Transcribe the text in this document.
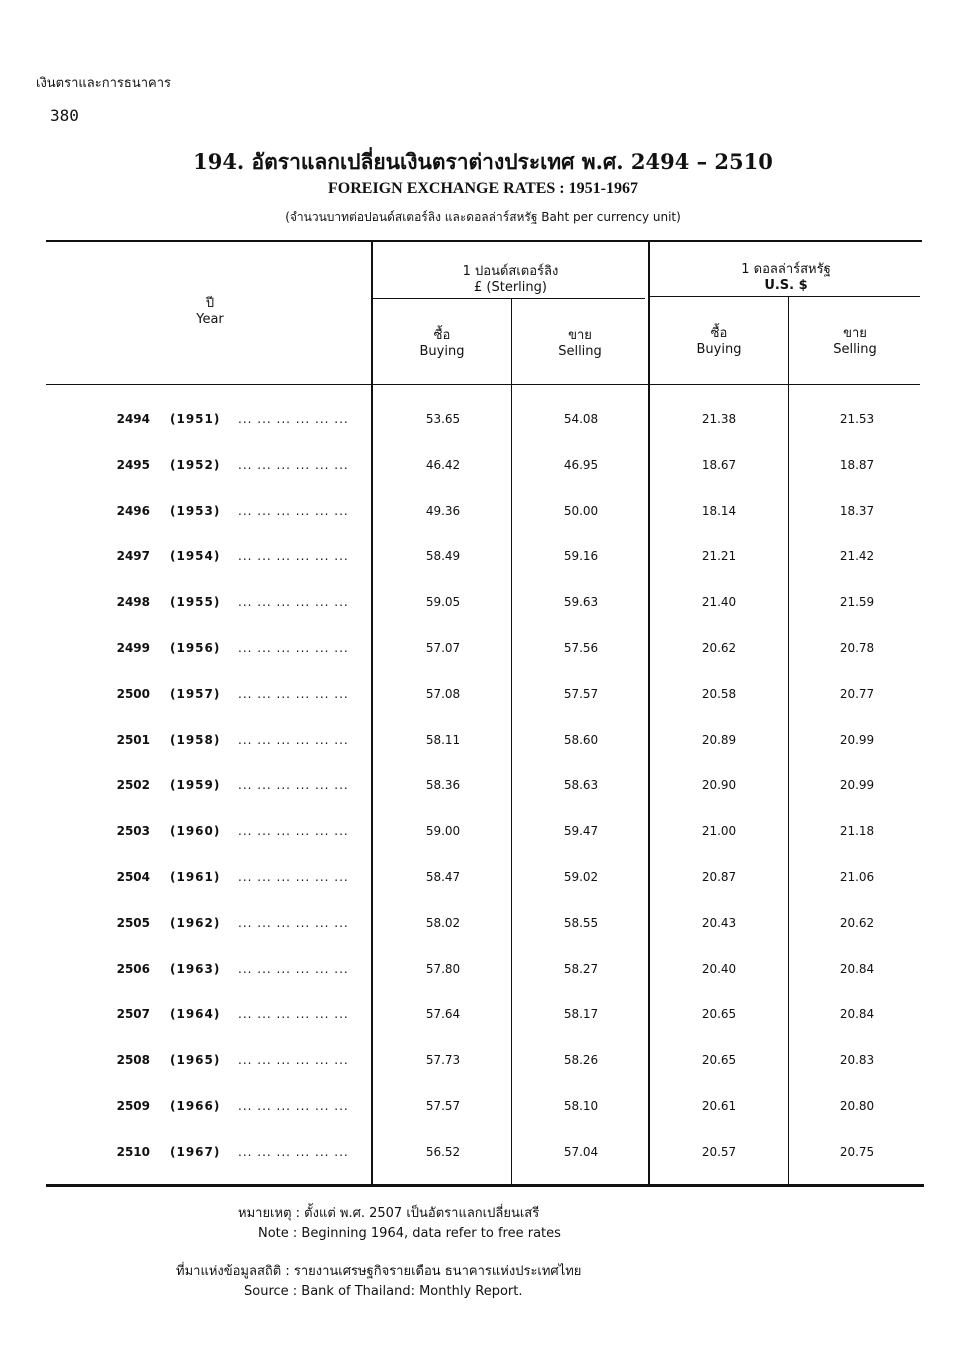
เงินตราและการธนาคาร
380
194. อัตราแลกเปลี่ยนเงินตราต่างประเทศ พ.ศ. 2494 – 2510
FOREIGN EXCHANGE RATES : 1951-1967
(จำนวนบาทต่อปอนด์สเตอร์ลิง และดอลล่าร์สหรัฐ Baht per currency unit)
ปี
Year
1 ปอนด์สเตอร์ลิง
£ (Sterling)
1 ดอลล่าร์สหรัฐ
U.S. $
ซื้อ
Buying
ขาย
Selling
ซื้อ
Buying
ขาย
Selling
2494 (1951)	... ... ... ... ... ...	53.65	54.08	21.38	21.53
2495 (1952)	... ... ... ... ... ...	46.42	46.95	18.67	18.87
2496 (1953)	... ... ... ... ... ...	49.36	50.00	18.14	18.37
2497 (1954)	... ... ... ... ... ...	58.49	59.16	21.21	21.42
2498 (1955)	... ... ... ... ... ...	59.05	59.63	21.40	21.59
2499 (1956)	... ... ... ... ... ...	57.07	57.56	20.62	20.78
2500 (1957)	... ... ... ... ... ...	57.08	57.57	20.58	20.77
2501 (1958)	... ... ... ... ... ...	58.11	58.60	20.89	20.99
2502 (1959)	... ... ... ... ... ...	58.36	58.63	20.90	20.99
2503 (1960)	... ... ... ... ... ...	59.00	59.47	21.00	21.18
2504 (1961)	... ... ... ... ... ...	58.47	59.02	20.87	21.06
2505 (1962)	... ... ... ... ... ...	58.02	58.55	20.43	20.62
2506 (1963)	... ... ... ... ... ...	57.80	58.27	20.40	20.84
2507 (1964)	... ... ... ... ... ...	57.64	58.17	20.65	20.84
2508 (1965)	... ... ... ... ... ...	57.73	58.26	20.65	20.83
2509 (1966)	... ... ... ... ... ...	57.57	58.10	20.61	20.80
2510 (1967)	... ... ... ... ... ...	56.52	57.04	20.57	20.75
หมายเหตุ : ตั้งแต่ พ.ศ. 2507 เป็นอัตราแลกเปลี่ยนเสรี
Note : Beginning 1964, data refer to free rates
ที่มาแห่งข้อมูลสถิติ : รายงานเศรษฐกิจรายเดือน ธนาคารแห่งประเทศไทย
Source : Bank of Thailand: Monthly Report.
